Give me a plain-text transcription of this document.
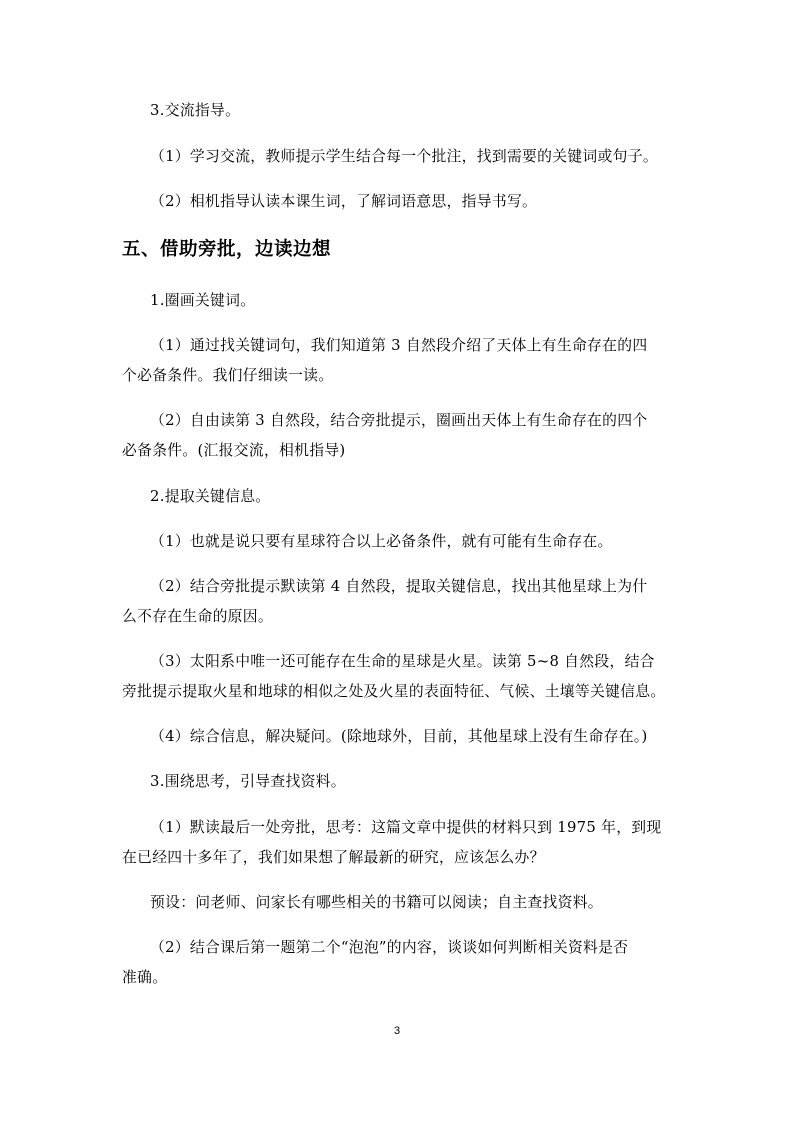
3.交流指导。
（1）学习交流，教师提示学生结合每一个批注，找到需要的关键词或句子。
（2）相机指导认读本课生词，了解词语意思，指导书写。
五、借助旁批，边读边想
1.圈画关键词。
（1）通过找关键词句，我们知道第 3 自然段介绍了天体上有生命存在的四
个必备条件。我们仔细读一读。
（2）自由读第 3 自然段，结合旁批提示，圈画出天体上有生命存在的四个
必备条件。(汇报交流，相机指导)
2.提取关键信息。
（1）也就是说只要有星球符合以上必备条件，就有可能有生命存在。
（2）结合旁批提示默读第 4 自然段，提取关键信息，找出其他星球上为什
么不存在生命的原因。
（3）太阳系中唯一还可能存在生命的星球是火星。读第 5~8 自然段，结合
旁批提示提取火星和地球的相似之处及火星的表面特征、气候、土壤等关键信息。
（4）综合信息，解决疑问。(除地球外，目前，其他星球上没有生命存在。)
3.围绕思考，引导查找资料。
（1）默读最后一处旁批，思考：这篇文章中提供的材料只到 1975 年，到现
在已经四十多年了，我们如果想了解最新的研究，应该怎么办？
预设：问老师、问家长有哪些相关的书籍可以阅读；自主查找资料。
（2）结合课后第一题第二个“泡泡”的内容，谈谈如何判断相关资料是否
准确。
3
